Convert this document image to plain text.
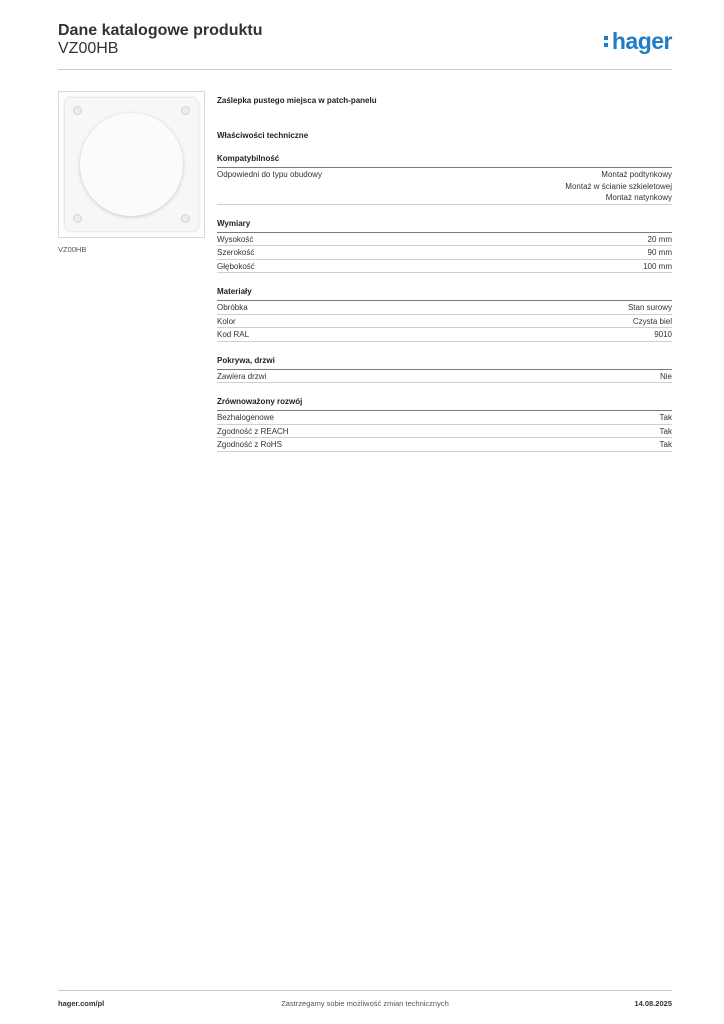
Dane katalogowe produktu
VZ00HB	hager
VZ00HB
Zaślepka pustego miejsca w patch-panelu
Właściwości techniczne
Kompatybilność
Odpowiedni do typu obudowy	Montaż podtynkowy
Montaż w ścianie szkieletowej
Montaż natynkowy
Wymiary
Wysokość	20 mm
Szerokość	90 mm
Głębokość	100 mm
Materiały
Obróbka	Stan surowy
Kolor	Czysta biel
Kod RAL	9010
Pokrywa, drzwi
Zawiera drzwi	Nie
Zrównoważony rozwój
Bezhalogenowe	Tak
Zgodność z REACH	Tak
Zgodność z RoHS	Tak
hager.com/pl	Zastrzegamy sobie możliwość zmian technicznych	14.08.2025
